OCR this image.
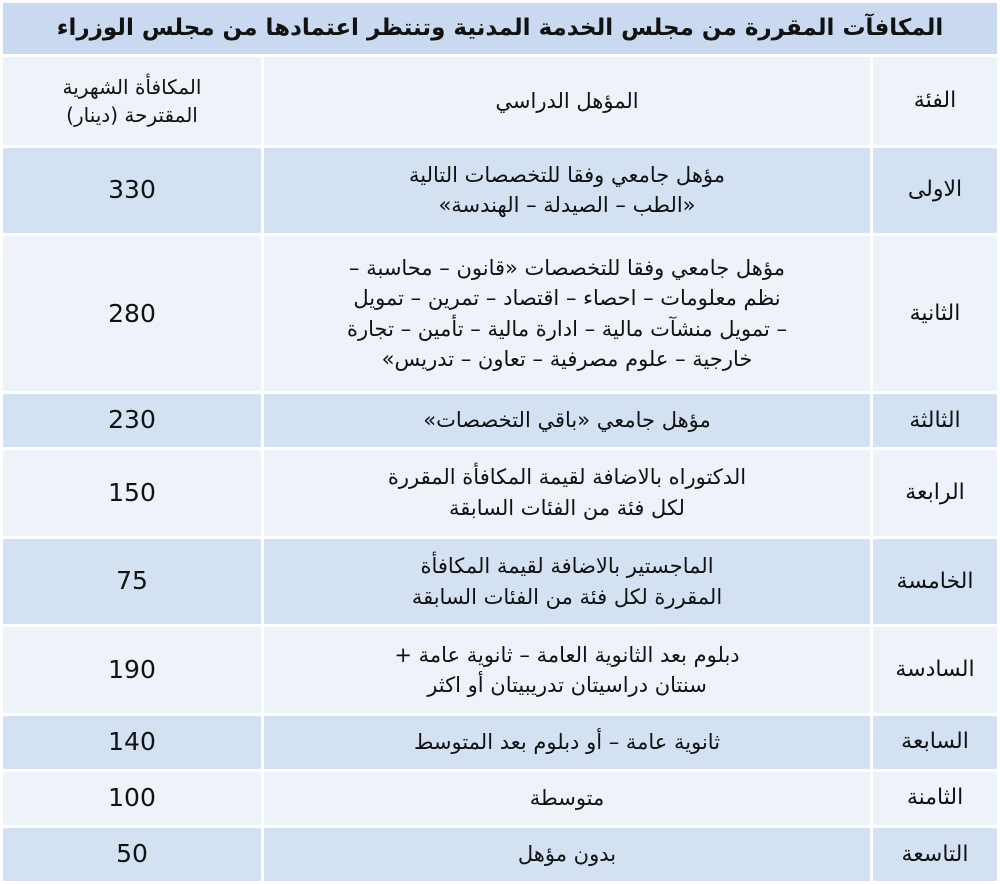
المكافآت المقررة من مجلس الخدمة المدنية وتنتظر اعتمادها من مجلس الوزراء		
الفئة	المؤهل الدراسي	المكافأة الشهرية
المقترحة (دينار)

الاولى	مؤهل جامعي وفقا للتخصصات التالية
«الطب – الصيدلة – الهندسة»	330
الثانية	مؤهل جامعي وفقا للتخصصات «قانون – محاسبة –
نظم معلومات – احصاء – اقتصاد – تمرين – تمويل
– تمويل منشآت مالية – ادارة مالية – تأمين – تجارة
خارجية – علوم مصرفية – تعاون – تدريس»	280
الثالثة	مؤهل جامعي «باقي التخصصات»	230
الرابعة	الدكتوراه بالاضافة لقيمة المكافأة المقررة
لكل فئة من الفئات السابقة	150
الخامسة	الماجستير بالاضافة لقيمة المكافأة
المقررة لكل فئة من الفئات السابقة	75
السادسة	دبلوم بعد الثانوية العامة – ثانوية عامة +
سنتان دراسيتان تدريبيتان أو اكثر	190
السابعة	ثانوية عامة – أو دبلوم بعد المتوسط	140
الثامنة	متوسطة	100
التاسعة	بدون مؤهل	50
